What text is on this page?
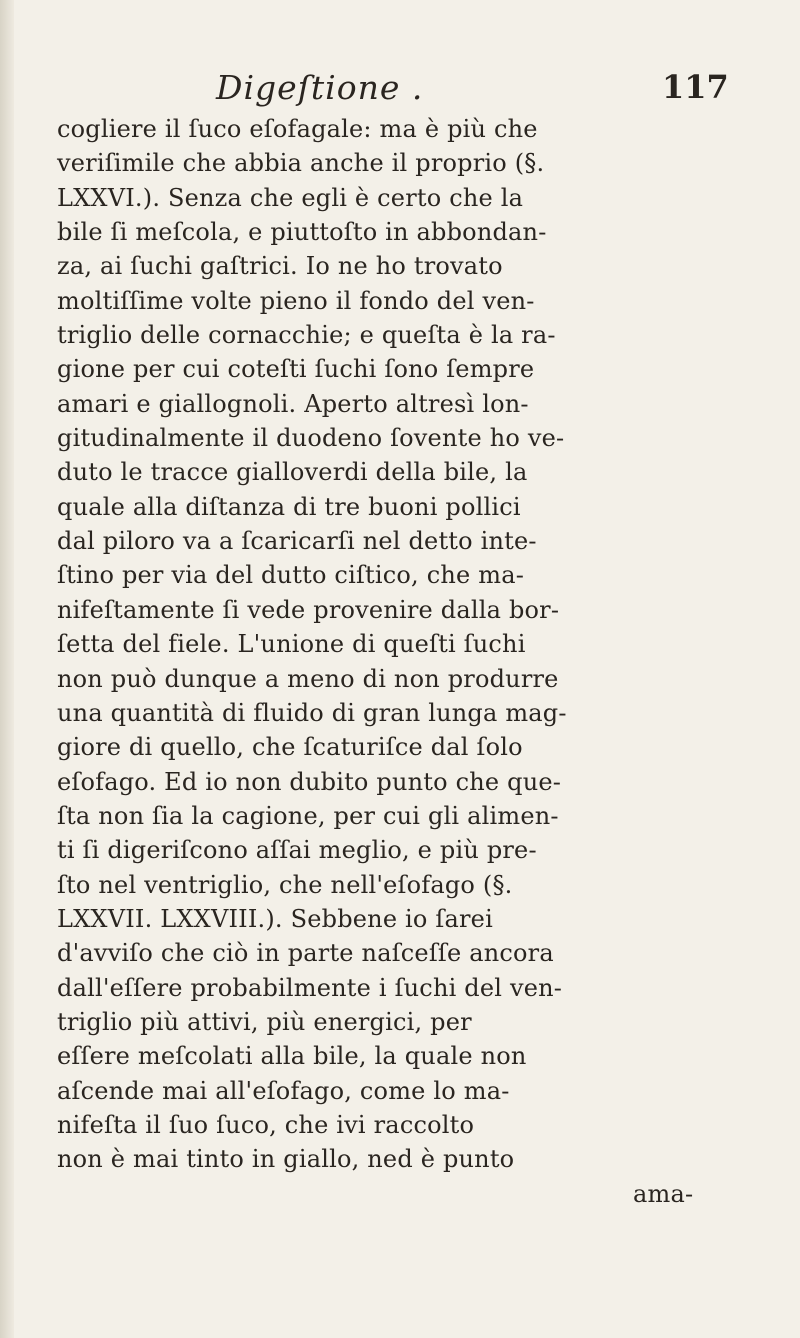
Digeſtione .	117
cogliere il ſuco eſofagale: ma è più che
veriſimile che abbia anche il proprio (§.
LXXVI.). Senza che egli è certo che la
bile ſi meſcola, e piuttoſto in abbondan-
za, ai ſuchi gaſtrici. Io ne ho trovato
moltiſſime volte pieno il fondo del ven-
triglio delle cornacchie; e queſta è la ra-
gione per cui coteſti ſuchi ſono ſempre
amari e giallognoli. Aperto altresì lon-
gitudinalmente il duodeno ſovente ho ve-
duto le tracce gialloverdi della bile, la
quale alla diſtanza di tre buoni pollici
dal piloro va a ſcaricarſi nel detto inte-
ſtino per via del dutto ciſtico, che ma-
nifeſtamente ſi vede provenire dalla bor-
ſetta del fiele. L'unione di queſti ſuchi
non può dunque a meno di non produrre
una quantità di fluido di gran lunga mag-
giore di quello, che ſcaturiſce dal ſolo
eſofago. Ed io non dubito punto che que-
ſta non ſia la cagione, per cui gli alimen-
ti ſi digeriſcono aſſai meglio, e più pre-
ſto nel ventriglio, che nell'eſofago (§.
LXXVII. LXXVIII.). Sebbene io ſarei
d'avviſo che ciò in parte naſceſſe ancora
dall'eſſere probabilmente i ſuchi del ven-
triglio più attivi, più energici, per
eſſere meſcolati alla bile, la quale non
aſcende mai all'eſofago, come lo ma-
nifeſta il ſuo ſuco, che ivi raccolto
non è mai tinto in giallo, ned è punto
ama-
